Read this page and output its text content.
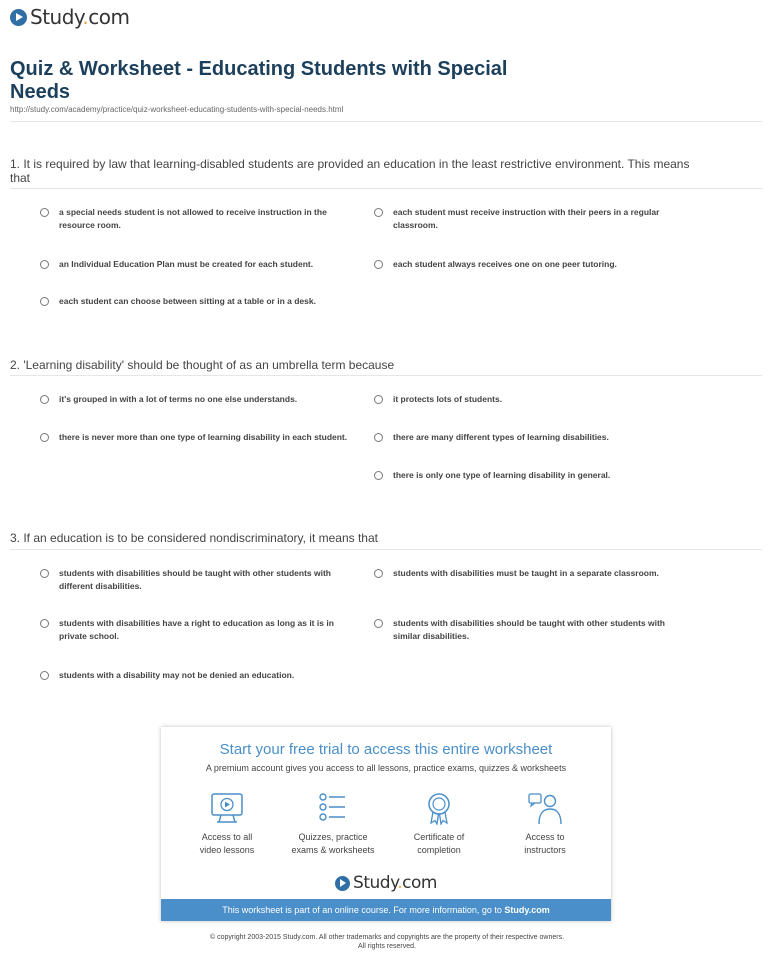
Study.com
Quiz & Worksheet - Educating Students with Special Needs
http://study.com/academy/practice/quiz-worksheet-educating-students-with-special-needs.html
1. It is required by law that learning-disabled students are provided an education in the least restrictive environment. This means that
a special needs student is not allowed to receive instruction in the resource room.
each student must receive instruction with their peers in a regular classroom.
an Individual Education Plan must be created for each student.	each student always receives one on one peer tutoring.
each student can choose between sitting at a table or in a desk.
2. 'Learning disability' should be thought of as an umbrella term because
it's grouped in with a lot of terms no one else understands.	it protects lots of students.
there is never more than one type of learning disability in each student.	there are many different types of learning disabilities.
there is only one type of learning disability in general.
3. If an education is to be considered nondiscriminatory, it means that
students with disabilities should be taught with other students with different disabilities.
students with disabilities must be taught in a separate classroom.
students with disabilities have a right to education as long as it is in private school.
students with disabilities should be taught with other students with similar disabilities.
students with a disability may not be denied an education.
Start your free trial to access this entire worksheet
A premium account gives you access to all lessons, practice exams, quizzes & worksheets
Access to all
video lessons
Quizzes, practice
exams & worksheets
Certificate of
completion
Access to
instructors
Study.com
This worksheet is part of an online course. For more information, go to Study.com
© copyright 2003-2015 Study.com. All other trademarks and copyrights are the property of their respective owners.
All rights reserved.
